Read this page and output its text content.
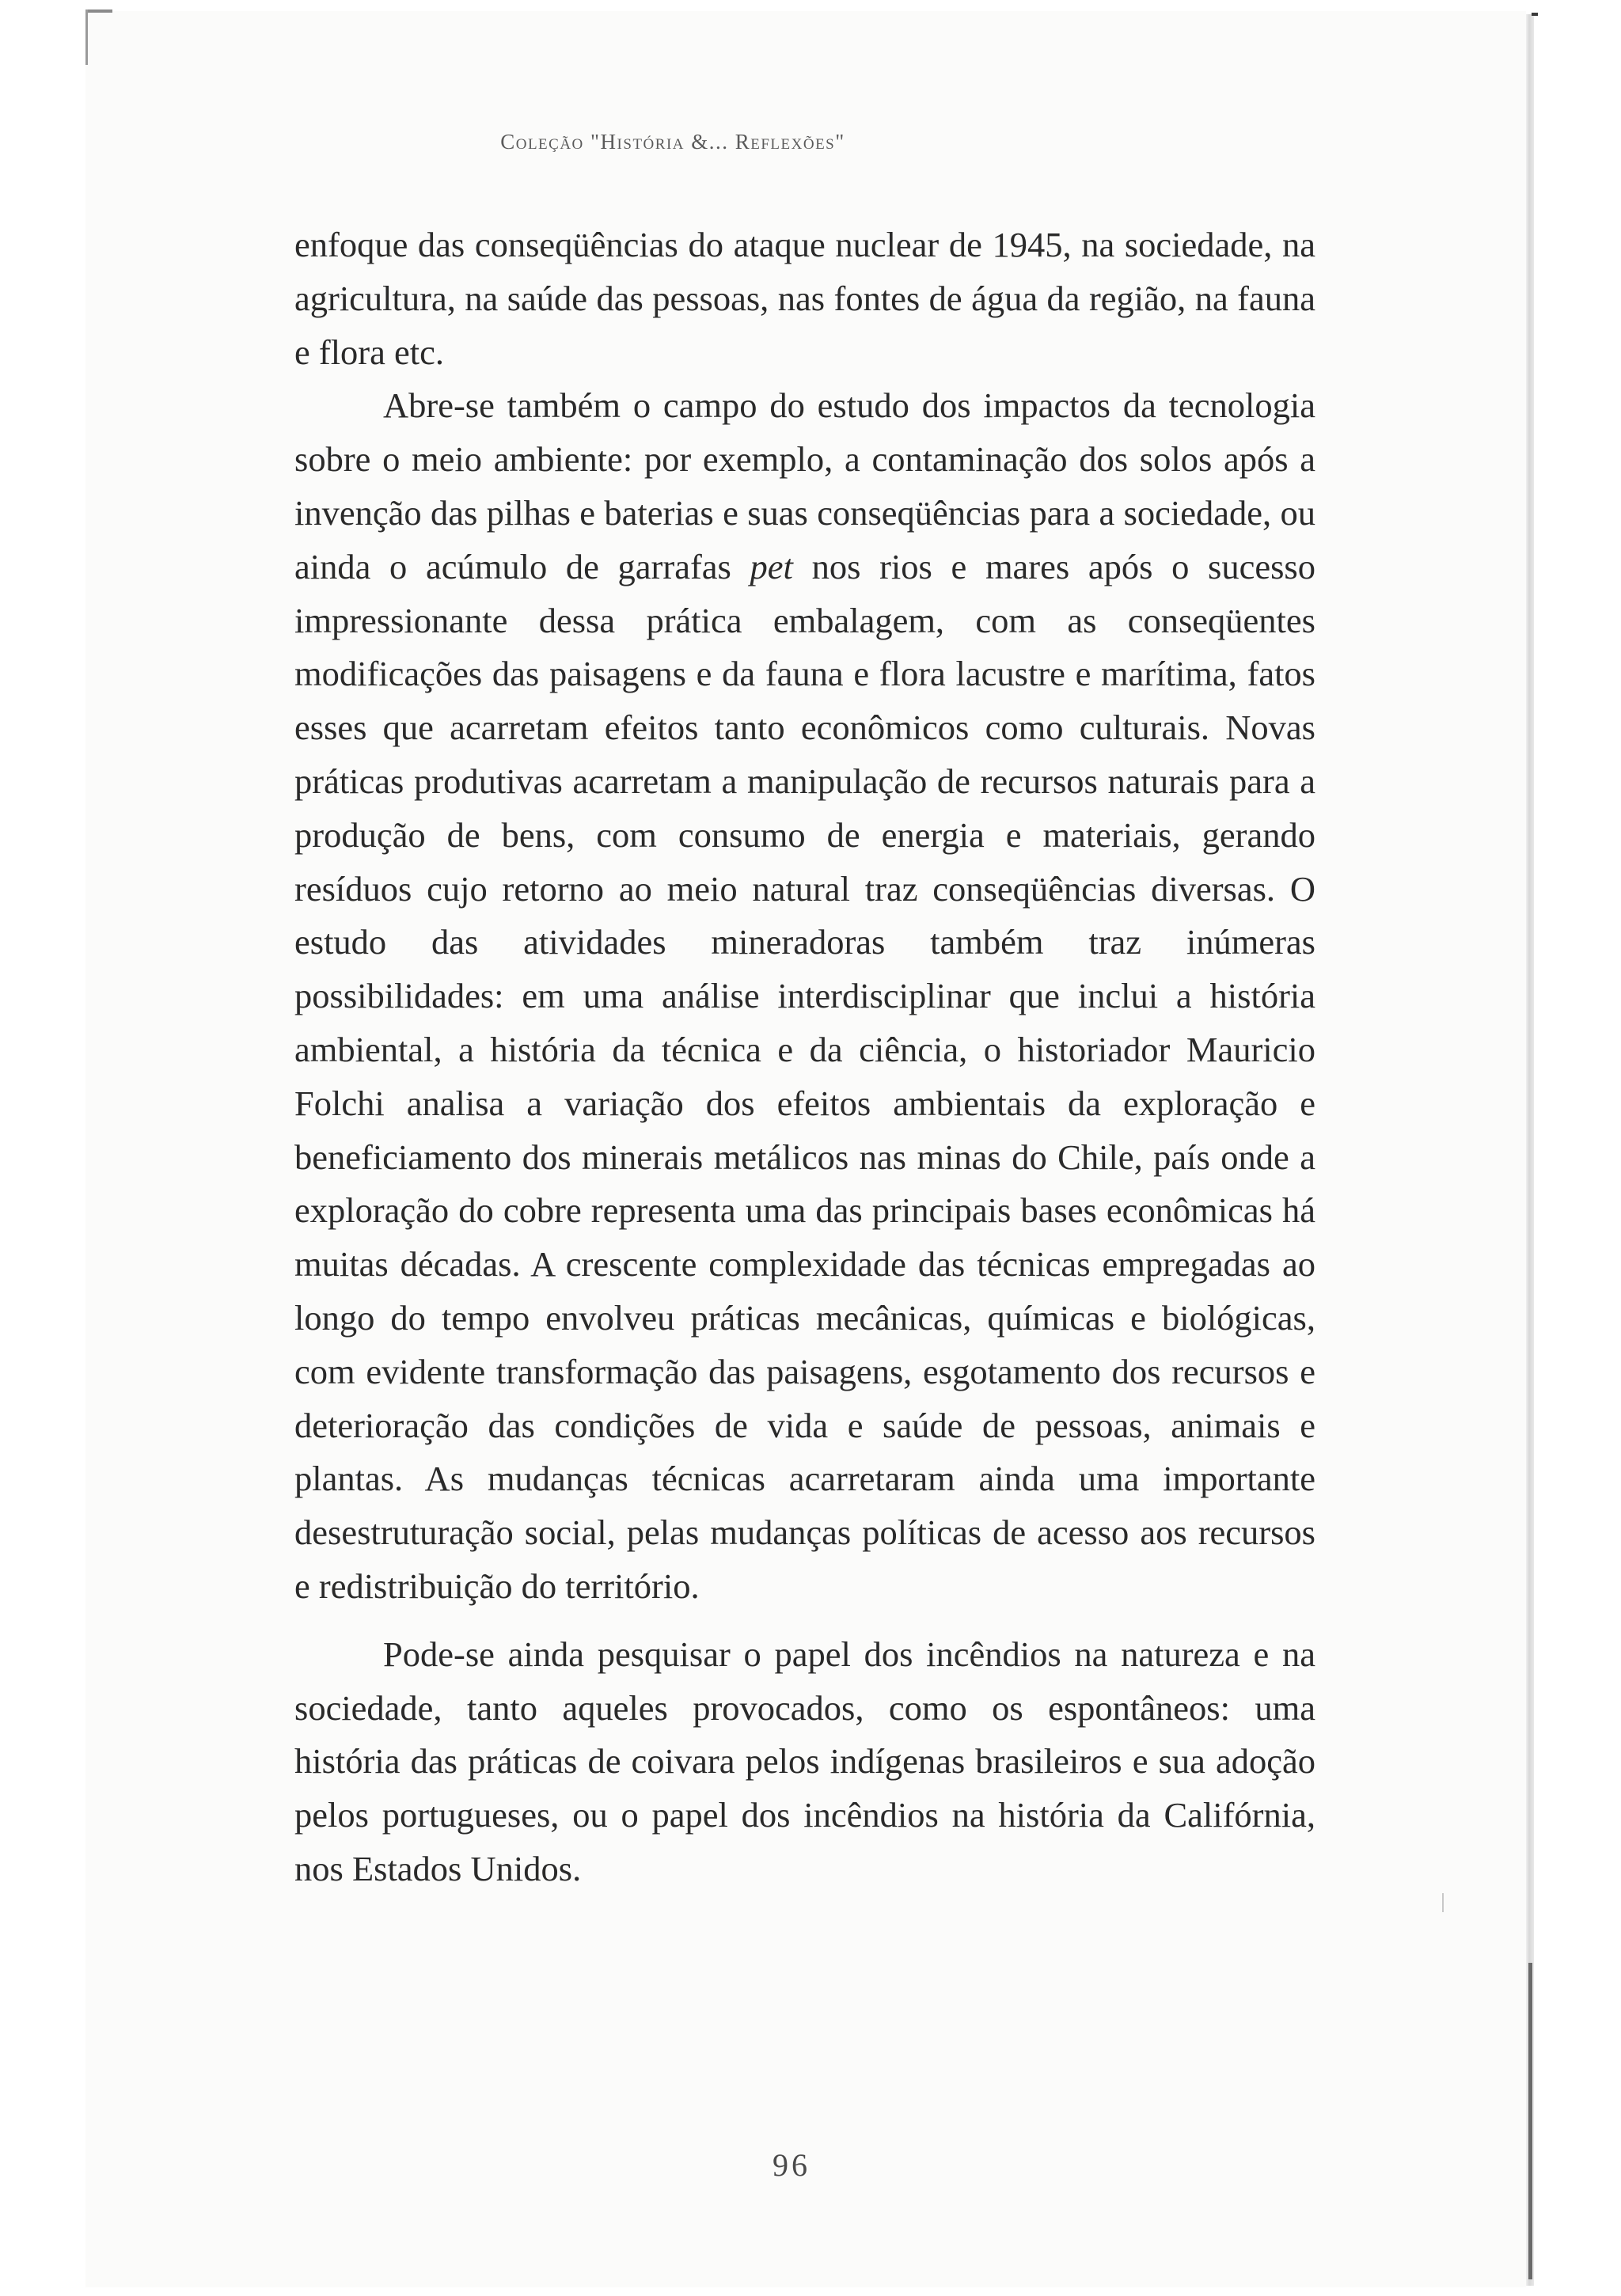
Coleção "História &... Reflexões"

enfoque das conseqüências do ataque nuclear de 1945, na sociedade, na agricultura, na saúde das pessoas, nas fontes de água da região, na fauna e flora etc.

Abre-se também o campo do estudo dos impactos da tecnologia sobre o meio ambiente: por exemplo, a contaminação dos solos após a invenção das pilhas e baterias e suas conseqüências para a sociedade, ou ainda o acúmulo de garrafas pet nos rios e mares após o sucesso impressionante dessa prática embalagem, com as conseqüentes modificações das paisagens e da fauna e flora lacustre e marítima, fatos esses que acarretam efeitos tanto econômicos como culturais. Novas práticas produtivas acarretam a manipulação de recursos naturais para a produção de bens, com consumo de energia e materiais, gerando resíduos cujo retorno ao meio natural traz conseqüências diversas. O estudo das atividades mineradoras também traz inúmeras possibilidades: em uma análise interdisciplinar que inclui a história ambiental, a história da técnica e da ciência, o historiador Mauricio Folchi analisa a variação dos efeitos ambientais da exploração e beneficiamento dos minerais metálicos nas minas do Chile, país onde a exploração do cobre representa uma das principais bases econômicas há muitas décadas. A crescente complexidade das técnicas empregadas ao longo do tempo envolveu práticas mecânicas, químicas e biológicas, com evidente transformação das paisagens, esgotamento dos recursos e deterioração das condições de vida e saúde de pessoas, animais e plantas. As mudanças técnicas acarretaram ainda uma importante desestruturação social, pelas mudanças políticas de acesso aos recursos e redistribuição do território.

Pode-se ainda pesquisar o papel dos incêndios na natureza e na sociedade, tanto aqueles provocados, como os espontâneos: uma história das práticas de coivara pelos indígenas brasileiros e sua adoção pelos portugueses, ou o papel dos incêndios na história da Califórnia, nos Estados Unidos.

96
